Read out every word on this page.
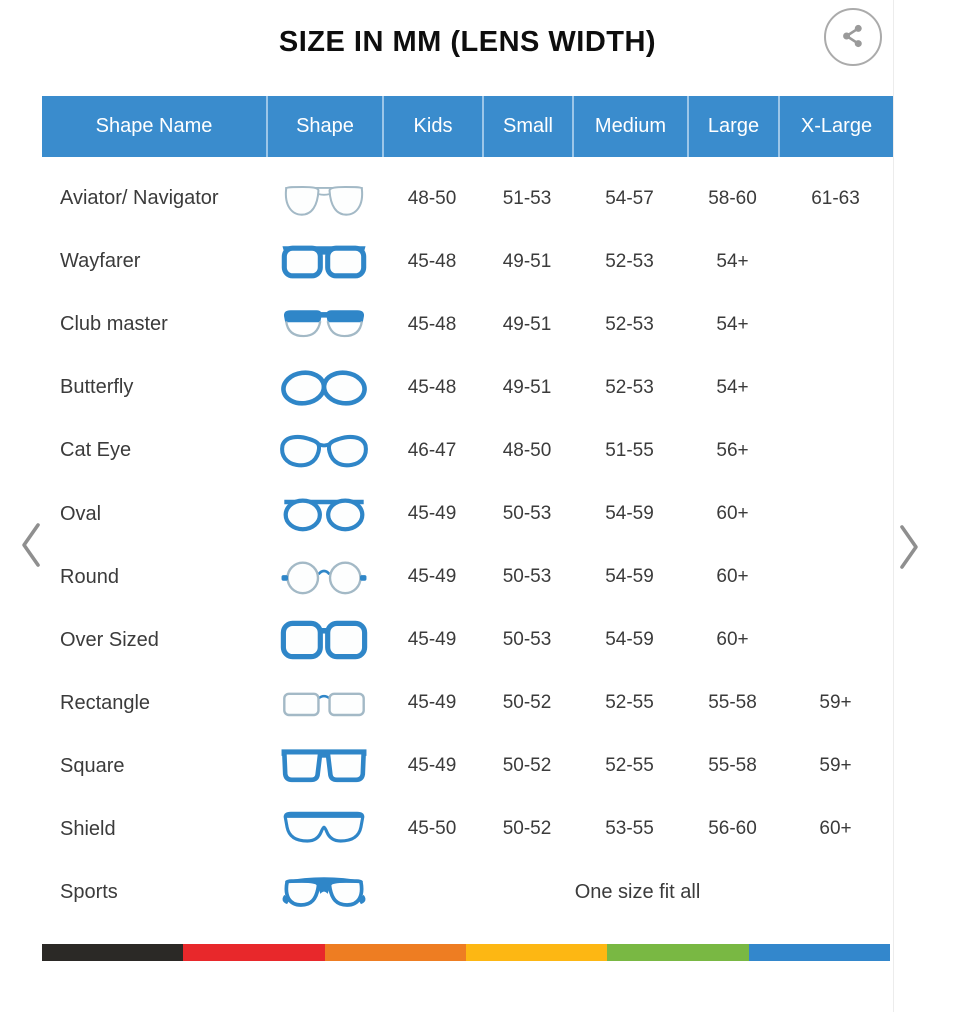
SIZE IN MM (LENS WIDTH)
Shape Name	Shape	Kids	Small	Medium	Large	X-Large
Aviator/ Navigator	48-50	51-53	54-57	58-60	61-63
Wayfarer	45-48	49-51	52-53	54+
Club master	45-48	49-51	52-53	54+
Butterfly	45-48	49-51	52-53	54+
Cat Eye	46-47	48-50	51-55	56+
Oval	45-49	50-53	54-59	60+
Round	45-49	50-53	54-59	60+
Over Sized	45-49	50-53	54-59	60+
Rectangle	45-49	50-52	52-55	55-58	59+
Square	45-49	50-52	52-55	55-58	59+
Shield	45-50	50-52	53-55	56-60	60+
Sports	One size fit all
